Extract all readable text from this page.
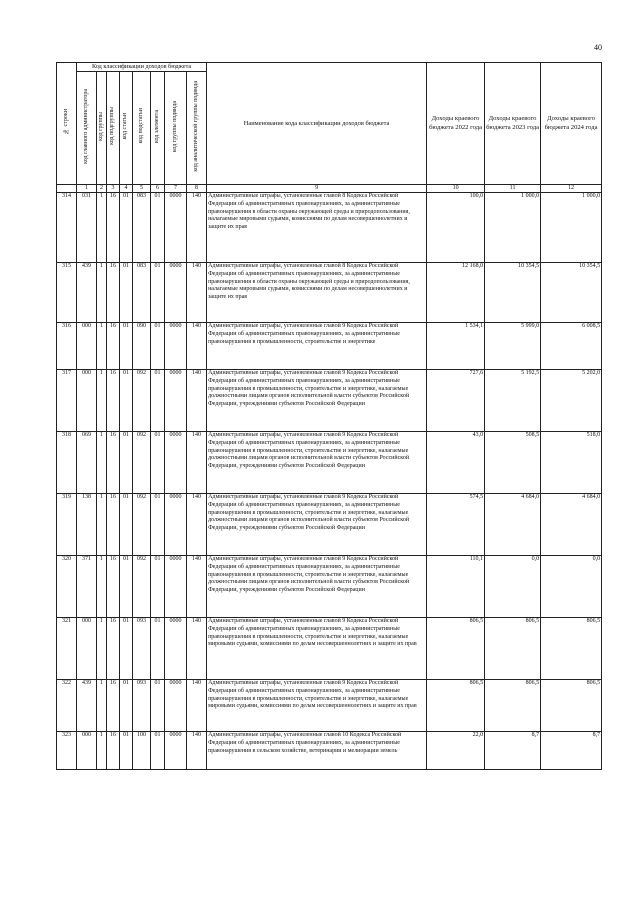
40
№ строки	Код классификации доходов бюджета								Наименование кода классификации доходов бюджета	Доходы краевого бюджета 2022 года	Доходы краевого бюджета 2023 года	Доходы краевого бюджета 2024 года
	код главного администратора	код группы	код подгруппы	код статьи	код подстатьи	код элемента	код группы подвида	код аналитической группы подвида				
	1	2	3	4	5	6	7	8	9	10	11	12
314	031	1	16	01	083	01	0000	140	Административные штрафы, установленные главой 8 Кодекса Российской Федерации об административных правонарушениях, за административные правонарушения в области охраны окружающей среды и природопользования, налагаемые мировыми судьями, комиссиями по делам несовершеннолетних и защите их прав	100,0	1 000,0	1 000,0
315	439	1	16	01	083	01	0000	140	Административные штрафы, установленные главой 8 Кодекса Российской Федерации об административных правонарушениях, за административные правонарушения в области охраны окружающей среды и природопользования, налагаемые мировыми судьями, комиссиями по делам несовершеннолетних и защите их прав	12 168,0	10 354,5	10 354,5
316	000	1	16	01	090	01	0000	140	Административные штрафы, установленные главой 9 Кодекса Российской Федерации об административных правонарушениях, за административные правонарушения в промышленности, строительстве и энергетике	1 534,1	5 999,0	6 008,5
317	000	1	16	01	092	01	0000	140	Административные штрафы, установленные главой 9 Кодекса Российской Федерации об административных правонарушениях, за административные правонарушения в промышленности, строительстве и энергетике, налагаемые должностными лицами органов исполнительной власти субъектов Российской Федерации, учреждениями субъектов Российской Федерации	727,6	5 192,5	5 202,0
318	069	1	16	01	092	01	0000	140	Административные штрафы, установленные главой 9 Кодекса Российской Федерации об административных правонарушениях, за административные правонарушения в промышленности, строительстве и энергетике, налагаемые должностными лицами органов исполнительной власти субъектов Российской Федерации, учреждениями субъектов Российской Федерации	43,0	508,5	518,0
319	138	1	16	01	092	01	0000	140	Административные штрафы, установленные главой 9 Кодекса Российской Федерации об административных правонарушениях, за административные правонарушения в промышленности, строительстве и энергетике, налагаемые должностными лицами органов исполнительной власти субъектов Российской Федерации, учреждениями субъектов Российской Федерации	574,5	4 684,0	4 684,0
320	371	1	16	01	092	01	0000	140	Административные штрафы, установленные главой 9 Кодекса Российской Федерации об административных правонарушениях, за административные правонарушения в промышленности, строительстве и энергетике, налагаемые должностными лицами органов исполнительной власти субъектов Российской Федерации, учреждениями субъектов Российской Федерации	110,1	0,0	0,0
321	000	1	16	01	093	01	0000	140	Административные штрафы, установленные главой 9 Кодекса Российской Федерации об административных правонарушениях, за административные правонарушения в промышленности, строительстве и энергетике, налагаемые мировыми судьями, комиссиями по делам несовершеннолетних и защите их прав	806,5	806,5	806,5
322	439	1	16	01	093	01	0000	140	Административные штрафы, установленные главой 9 Кодекса Российской Федерации об административных правонарушениях, за административные правонарушения в промышленности, строительстве и энергетике, налагаемые мировыми судьями, комиссиями по делам несовершеннолетних и защите их прав	806,5	806,5	806,5
323	000	1	16	01	100	01	0000	140	Административные штрафы, установленные главой 10 Кодекса Российской Федерации об административных правонарушениях, за административные правонарушения в сельском хозяйстве, ветеринарии и мелиорации земель	22,0	8,7	8,7
